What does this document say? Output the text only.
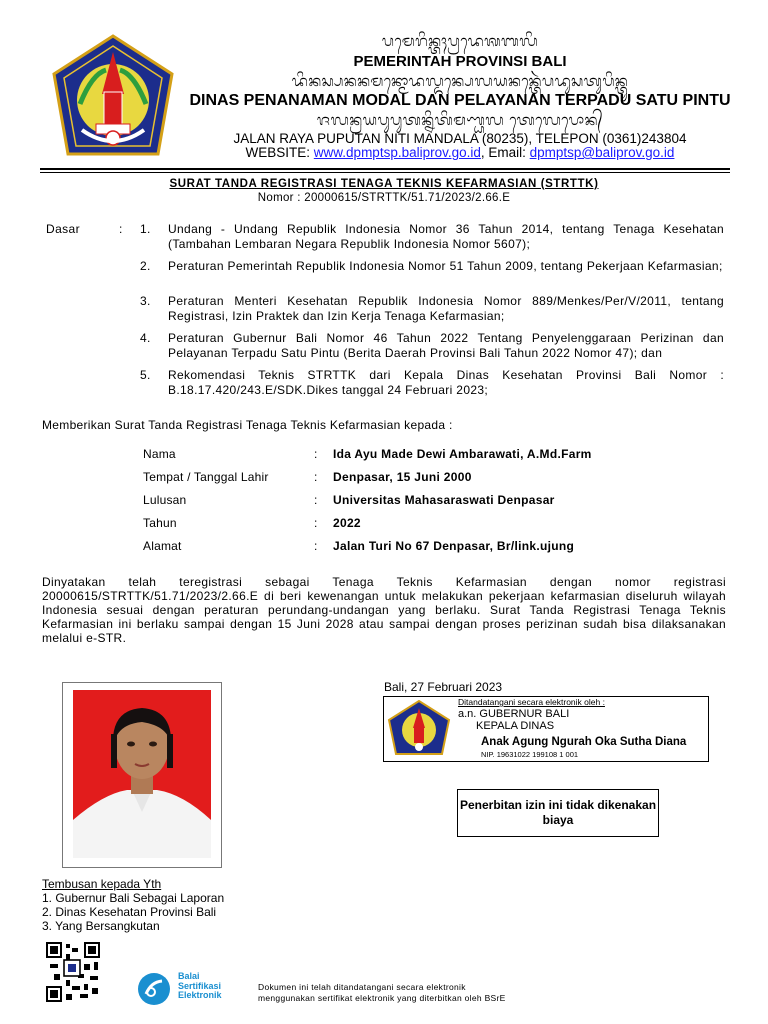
ᬧᬫᬾᬭᬶᬦ᭄ᬢᬄᬧ᭄ᬭᬤᬾᬰᬩᬮᬶ
PEMERINTAH PROVINSI BALI
ᬤᬶᬦᬲ᭄ᬧᬦᬦᬫᬦ᭄ᬫᭀᬤᬮ᭄ᬤᬦ᭄ᬧᬾᬮᬬᬦᬦ᭄ᬢᬾᬃᬧᬤᬸᬲᬢᬸᬧᬶᬦ᭄ᬢᬸ
DINAS PENANAMAN MODAL DAN PELAYANAN TERPADU SATU PINTU
ᬚᬮᬦ᭄ᬭᬬᬧᬸᬧᬸᬢᬦ᭄ᬦᬶᬢᬶᬫᬡ᭄ᬟᬮ ᬢᬾᬮᬾᬧᭀᬦ᭄
JALAN RAYA PUPUTAN NITI MANDALA (80235), TELEPON (0361)243804
WEBSITE: www.dpmptsp.baliprov.go.id, Email: dpmptsp@baliprov.go.id
SURAT TANDA REGISTRASI TENAGA TEKNIS KEFARMASIAN (STRTTK)
Nomor : 20000615/STRTTK/51.71/2023/2.66.E
Dasar	: 1. Undang - Undang Republik Indonesia Nomor 36 Tahun 2014, tentang Tenaga Kesehatan (Tambahan Lembaran Negara Republik Indonesia Nomor 5607);
2. Peraturan Pemerintah Republik Indonesia Nomor 51 Tahun 2009, tentang Pekerjaan Kefarmasian;
3. Peraturan Menteri Kesehatan Republik Indonesia Nomor 889/Menkes/Per/V/2011, tentang Registrasi, Izin Praktek dan Izin Kerja Tenaga Kefarmasian;
4. Peraturan Gubernur Bali Nomor 46 Tahun 2022 Tentang Penyelenggaraan Perizinan dan Pelayanan Terpadu Satu Pintu (Berita Daerah Provinsi Bali Tahun 2022 Nomor 47); dan
5. Rekomendasi Teknis STRTTK dari Kepala Dinas Kesehatan Provinsi Bali Nomor : B.18.17.420/243.E/SDK.Dikes tanggal 24 Februari 2023;
Memberikan Surat Tanda Registrasi Tenaga Teknis Kefarmasian kepada :
Nama	: Ida Ayu Made Dewi Ambarawati, A.Md.Farm
Tempat / Tanggal Lahir	: Denpasar, 15 Juni 2000
Lulusan	: Universitas Mahasaraswati Denpasar
Tahun	: 2022
Alamat	: Jalan Turi No 67 Denpasar, Br/link.ujung
Dinyatakan telah teregistrasi sebagai Tenaga Teknis Kefarmasian dengan nomor registrasi 20000615/STRTTK/51.71/2023/2.66.E di beri kewenangan untuk melakukan pekerjaan kefarmasian diseluruh wilayah Indonesia sesuai dengan peraturan perundang-undangan yang berlaku. Surat Tanda Registrasi Tenaga Teknis Kefarmasian ini berlaku sampai dengan 15 Juni 2028 atau sampai dengan proses perizinan sudah bisa dilaksanakan melalui e-STR.
Bali, 27 Februari 2023
Ditandatangani secara elektronik oleh :
a.n. GUBERNUR BALI
KEPALA DINAS
Anak Agung Ngurah Oka Sutha Diana
NIP. 19631022 199108 1 001
Penerbitan izin ini tidak dikenakan biaya
Tembusan kepada Yth
1. Gubernur Bali Sebagai Laporan
2. Dinas Kesehatan Provinsi Bali
3. Yang Bersangkutan
Balai
Sertifikasi
Elektronik
Dokumen ini telah ditandatangani secara elektronik
menggunakan sertifikat elektronik yang diterbitkan oleh BSrE
